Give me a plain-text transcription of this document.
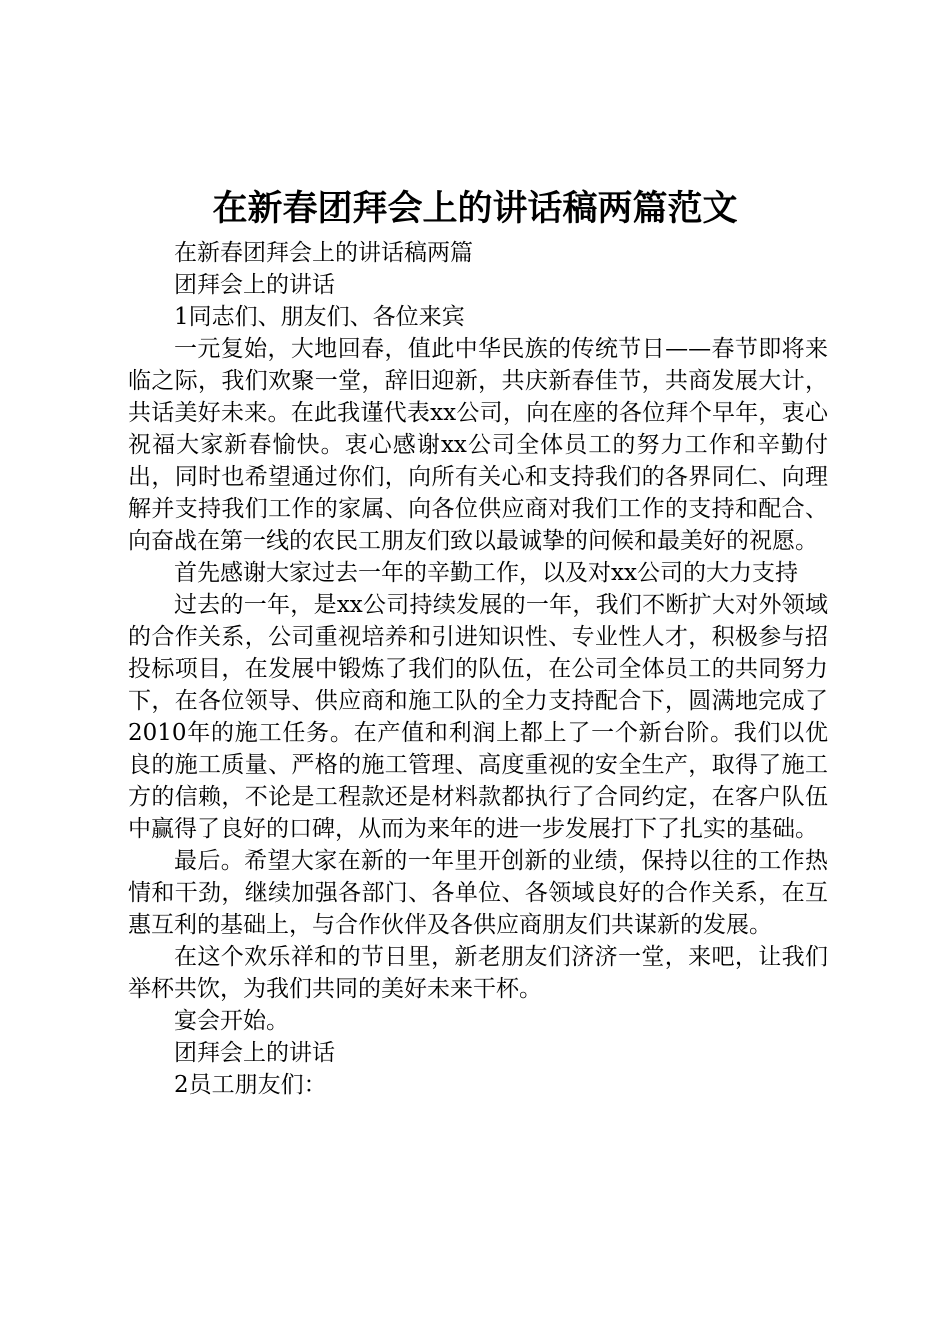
在新春团拜会上的讲话稿两篇范文

在新春团拜会上的讲话稿两篇

团拜会上的讲话

1同志们、朋友们、各位来宾

一元复始，大地回春，值此中华民族的传统节日——春节即将来临之际，我们欢聚一堂，辞旧迎新，共庆新春佳节，共商发展大计，共话美好未来。在此我谨代表xx公司，向在座的各位拜个早年，衷心祝福大家新春愉快。衷心感谢xx公司全体员工的努力工作和辛勤付出，同时也希望通过你们，向所有关心和支持我们的各界同仁、向理解并支持我们工作的家属、向各位供应商对我们工作的支持和配合、向奋战在第一线的农民工朋友们致以最诚挚的问候和最美好的祝愿。

首先感谢大家过去一年的辛勤工作，以及对xx公司的大力支持

过去的一年，是xx公司持续发展的一年，我们不断扩大对外领域的合作关系，公司重视培养和引进知识性、专业性人才，积极参与招投标项目，在发展中锻炼了我们的队伍，在公司全体员工的共同努力下，在各位领导、供应商和施工队的全力支持配合下，圆满地完成了2010年的施工任务。在产值和利润上都上了一个新台阶。我们以优良的施工质量、严格的施工管理、高度重视的安全生产，取得了施工方的信赖，不论是工程款还是材料款都执行了合同约定，在客户队伍中赢得了良好的口碑，从而为来年的进一步发展打下了扎实的基础。

最后。希望大家在新的一年里开创新的业绩，保持以往的工作热情和干劲，继续加强各部门、各单位、各领域良好的合作关系，在互惠互利的基础上，与合作伙伴及各供应商朋友们共谋新的发展。

在这个欢乐祥和的节日里，新老朋友们济济一堂，来吧，让我们举杯共饮，为我们共同的美好未来干杯。

宴会开始。

团拜会上的讲话

2员工朋友们：
